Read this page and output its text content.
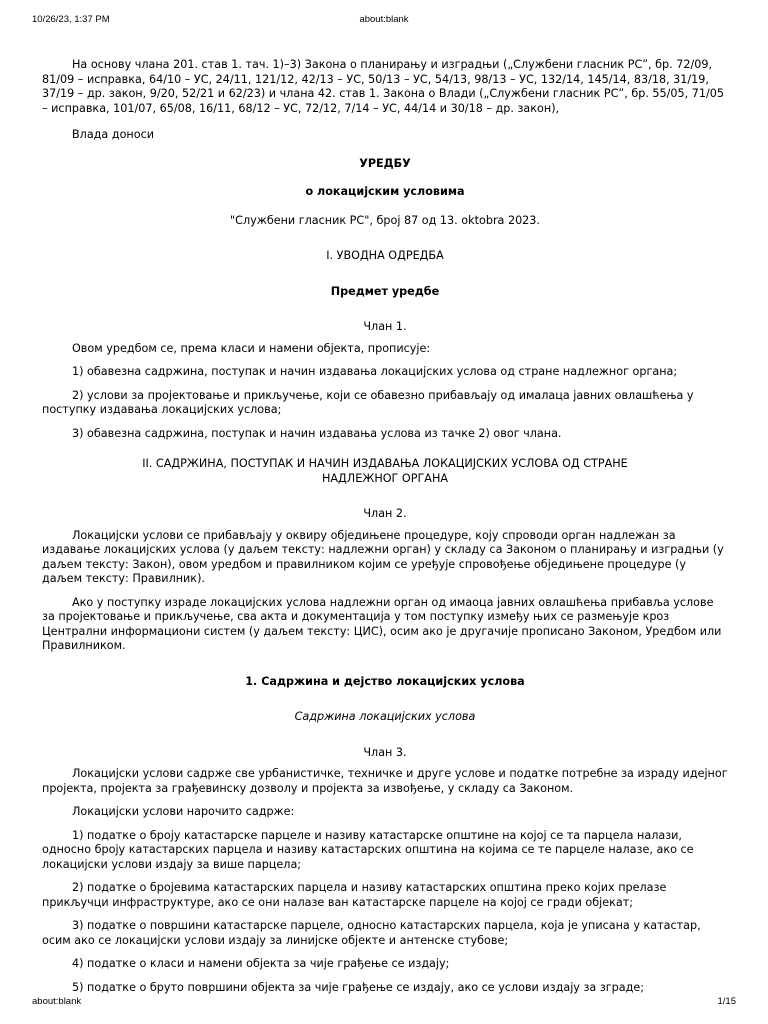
10/26/23, 1:37 PM	about:blank

На основу члана 201. став 1. тач. 1)–3) Закона о планирању и изградњи („Службени гласник РС”, бр. 72/09, 81/09 – исправка, 64/10 – УС, 24/11, 121/12, 42/13 – УС, 50/13 – УС, 54/13, 98/13 – УС, 132/14, 145/14, 83/18, 31/19, 37/19 – др. закон, 9/20, 52/21 и 62/23) и члана 42. став 1. Закона о Влади („Службени гласник РС”, бр. 55/05, 71/05 – исправка, 101/07, 65/08, 16/11, 68/12 – УС, 72/12, 7/14 – УС, 44/14 и 30/18 – др. закон),

Влада доноси

УРЕДБУ

о локацијским условима

"Службени гласник РС", број 87 од 13. oktobra 2023.

I. УВОДНА ОДРЕДБА

Предмет уредбе

Члан 1.

Овом уредбом се, према класи и намени објекта, прописује:

1) обавезна садржина, поступак и начин издавања локацијских услова од стране надлежног органа;

2) услови за пројектовање и прикључење, који се обавезно прибављају од ималаца јавних овлашћења у поступку издавања локацијских услова;

3) обавезна садржина, поступак и начин издавања услова из тачке 2) овог члана.

II. САДРЖИНА, ПОСТУПАК И НАЧИН ИЗДАВАЊА ЛОКАЦИЈСКИХ УСЛОВА ОД СТРАНЕ
НАДЛЕЖНОГ ОРГАНА

Члан 2.

Локацијски услови се прибављају у оквиру обједињене процедуре, коју спроводи орган надлежан за издавање локацијских услова (у даљем тексту: надлежни орган) у складу са Законом о планирању и изградњи (у даљем тексту: Закон), овом уредбом и правилником којим се уређује спровођење обједињене процедуре (у даљем тексту: Правилник).

Ако у поступку израде локацијских услова надлежни орган од имаоца јавних овлашћења прибавља услове за пројектовање и прикључење, сва акта и документација у том поступку између њих се размењује кроз Централни информациони систем (у даљем тексту: ЦИС), осим ако је другачије прописано Законом, Уредбом или Правилником.

1. Садржина и дејство локацијских услова

Садржина локацијских услова

Члан 3.

Локацијски услови садрже све урбанистичке, техничке и друге услове и податке потребне за израду идејног пројекта, пројекта за грађевинску дозволу и пројекта за извођење, у складу са Законом.

Локацијски услови нарочито садрже:

1) податке о броју катастарске парцеле и називу катастарске општине на којој се та парцела налази, односно броју катастарских парцела и називу катастарских општина на којима се те парцеле налазе, ако се локацијски услови издају за више парцела;

2) податке о бројевима катастарских парцела и називу катастарских општина преко којих прелазе прикључци инфраструктуре, ако се они налазе ван катастарске парцеле на којој се гради објекат;

3) податке о површини катастарске парцеле, односно катастарских парцела, која је уписана у катастар, осим ако се локацијски услови издају за линијске објекте и антенске стубове;

4) податке о класи и намени објекта за чије грађење се издају;

5) податке о бруто површини објекта за чије грађење се издају, ако се услови издају за зграде;

about:blank	1/15
